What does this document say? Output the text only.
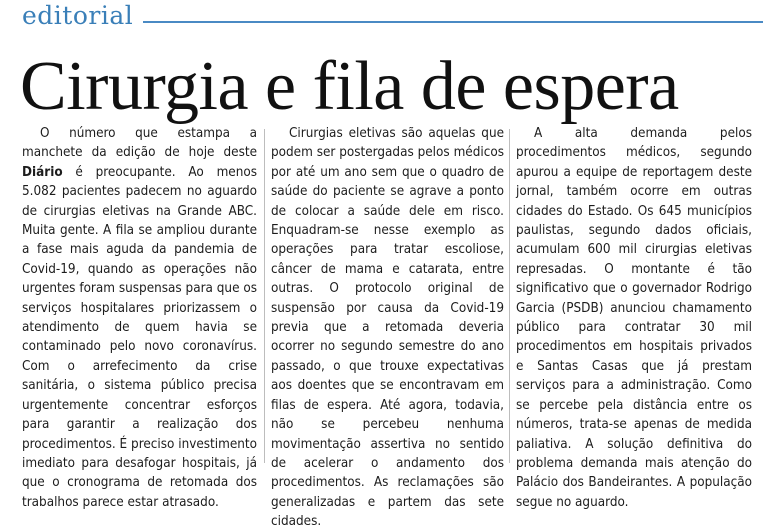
editorial
Cirurgia e fila de espera

O número que estampa a manchete da edição de hoje deste Diário é preocupante. Ao menos 5.082 pacientes padecem no aguardo de cirurgias eletivas na Grande ABC. Muita gente. A fila se ampliou durante a fase mais aguda da pandemia de Covid-19, quando as operações não urgentes foram suspensas para que os serviços hospitalares priorizassem o atendimento de quem havia se contaminado pelo novo coronavírus. Com o arrefecimento da crise sanitária, o sistema público precisa urgentemente concentrar esforços para garantir a realização dos procedimentos. É preciso investimento imediato para desafogar hospitais, já que o cronograma de retomada dos trabalhos parece estar atrasado.

Cirurgias eletivas são aquelas que podem ser postergadas pelos médicos por até um ano sem que o quadro de saúde do paciente se agrave a ponto de colocar a saúde dele em risco. Enquadram-se nesse exemplo as operações para tratar escoliose, câncer de mama e catarata, entre outras. O protocolo original de suspensão por causa da Covid-19 previa que a retomada deveria ocorrer no segundo semestre do ano passado, o que trouxe expectativas aos doentes que se encontravam em filas de espera. Até agora, todavia, não se percebeu nenhuma movimentação assertiva no sentido de acelerar o andamento dos procedimentos. As reclamações são generalizadas e partem das sete cidades.

A alta demanda pelos procedimentos médicos, segundo apurou a equipe de reportagem deste jornal, também ocorre em outras cidades do Estado. Os 645 municípios paulistas, segundo dados oficiais, acumulam 600 mil cirurgias eletivas represadas. O montante é tão significativo que o governador Rodrigo Garcia (PSDB) anunciou chamamento público para contratar 30 mil procedimentos em hospitais privados e Santas Casas que já prestam serviços para a administração. Como se percebe pela distância entre os números, trata-se apenas de medida paliativa. A solução definitiva do problema demanda mais atenção do Palácio dos Bandeirantes. A população segue no aguardo.
